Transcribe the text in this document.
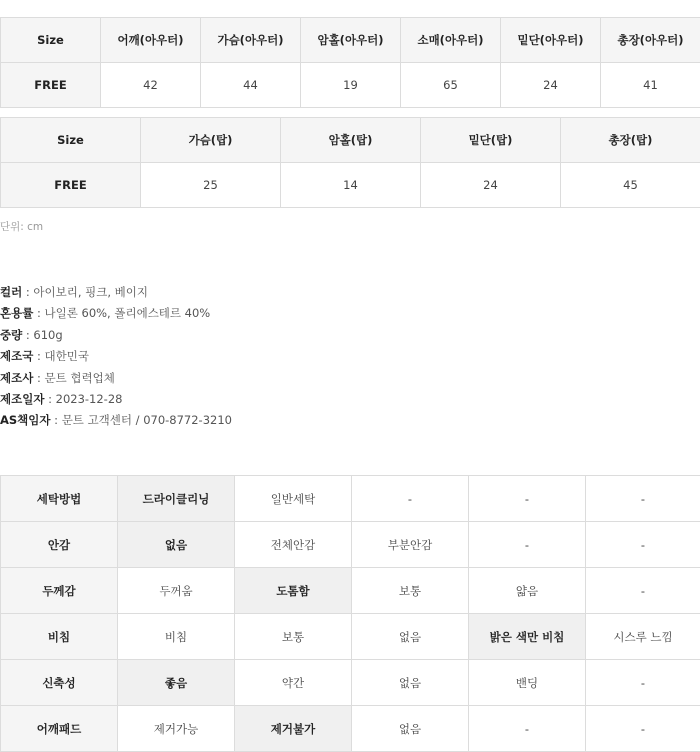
Size	어깨(아우터)	가슴(아우터)	암홀(아우터)	소매(아우터)	밑단(아우터)	총장(아우터)
FREE	42	44	19	65	24	41
Size	가슴(탑)	암홀(탑)	밑단(탑)	총장(탑)
FREE	25	14	24	45
단위: cm
컬러 : 아이보리, 핑크, 베이지
혼용률 : 나일론 60%, 폴리에스테르 40%
중량 : 610g
제조국 : 대한민국
제조사 : 문트 협력업체
제조일자 : 2023-12-28
AS책임자 : 문트 고객센터 / 070-8772-3210
세탁방법	드라이클리닝	일반세탁	-	-	-
안감	없음	전체안감	부분안감	-	-
두께감	두꺼움	도톰함	보통	얇음	-
비침	비침	보통	없음	밝은 색만 비침	시스루 느낌
신축성	좋음	약간	없음	밴딩	-
어깨패드	제거가능	제거불가	없음	-	-
